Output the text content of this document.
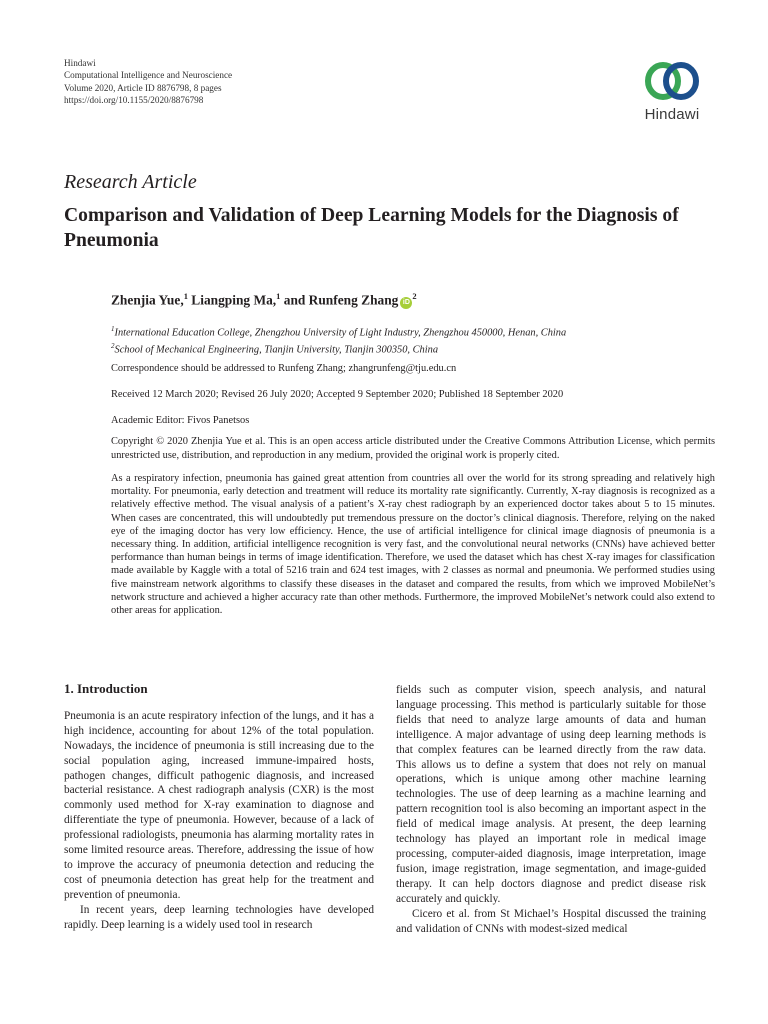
Hindawi
Computational Intelligence and Neuroscience
Volume 2020, Article ID 8876798, 8 pages
https://doi.org/10.1155/2020/8876798
Hindawi
Research Article
Comparison and Validation of Deep Learning Models for the Diagnosis of Pneumonia
Zhenjia Yue,$^1$ Liangping Ma,$^1$ and Runfeng Zhang $iD^2$
$^1$International Education College, Zhengzhou University of Light Industry, Zhengzhou 450000, Henan, China
$^2$School of Mechanical Engineering, Tianjin University, Tianjin 300350, China
Correspondence should be addressed to Runfeng Zhang; zhangrunfeng@tju.edu.cn
Received 12 March 2020; Revised 26 July 2020; Accepted 9 September 2020; Published 18 September 2020
Academic Editor: Fivos Panetsos
Copyright © 2020 Zhenjia Yue et al. This is an open access article distributed under the Creative Commons Attribution License, which permits unrestricted use, distribution, and reproduction in any medium, provided the original work is properly cited.
As a respiratory infection, pneumonia has gained great attention from countries all over the world for its strong spreading and relatively high mortality. For pneumonia, early detection and treatment will reduce its mortality rate significantly. Currently, X-ray diagnosis is recognized as a relatively effective method. The visual analysis of a patient’s X-ray chest radiograph by an experienced doctor takes about 5 to 15 minutes. When cases are concentrated, this will undoubtedly put tremendous pressure on the doctor’s clinical diagnosis. Therefore, relying on the naked eye of the imaging doctor has very low efficiency. Hence, the use of artificial intelligence for clinical image diagnosis of pneumonia is a necessary thing. In addition, artificial intelligence recognition is very fast, and the convolutional neural networks (CNNs) have achieved better performance than human beings in terms of image identification. Therefore, we used the dataset which has chest X-ray images for classification made available by Kaggle with a total of 5216 train and 624 test images, with 2 classes as normal and pneumonia. We performed studies using five mainstream network algorithms to classify these diseases in the dataset and compared the results, from which we improved MobileNet’s network structure and achieved a higher accuracy rate than other methods. Furthermore, the improved MobileNet’s network could also extend to other areas for application.
1. Introduction

Pneumonia is an acute respiratory infection of the lungs, and it has a high incidence, accounting for about 12% of the total population. Nowadays, the incidence of pneumonia is still increasing due to the social population aging, increased immune-impaired hosts, pathogen changes, difficult pathogenic diagnosis, and increased bacterial resistance. A chest radiograph analysis (CXR) is the most commonly used method for X-ray examination to diagnose and differentiate the type of pneumonia. However, because of a lack of professional radiologists, pneumonia has alarming mortality rates in some limited resource areas. Therefore, addressing the issue of how to improve the accuracy of pneumonia detection and reducing the cost of pneumonia detection has great help for the treatment and prevention of pneumonia.

In recent years, deep learning technologies have developed rapidly. Deep learning is a widely used tool in research

fields such as computer vision, speech analysis, and natural language processing. This method is particularly suitable for those fields that need to analyze large amounts of data and human intelligence. A major advantage of using deep learning methods is that complex features can be learned directly from the raw data. This allows us to define a system that does not rely on manual operations, which is unique among other machine learning technologies. The use of deep learning as a machine learning and pattern recognition tool is also becoming an important aspect in the field of medical image analysis. At present, the deep learning technology has played an important role in medical image processing, computer-aided diagnosis, image interpretation, image fusion, image registration, image segmentation, and image-guided therapy. It can help doctors diagnose and predict disease risk accurately and quickly.

Cicero et al. from St Michael’s Hospital discussed the training and validation of CNNs with modest-sized medical
